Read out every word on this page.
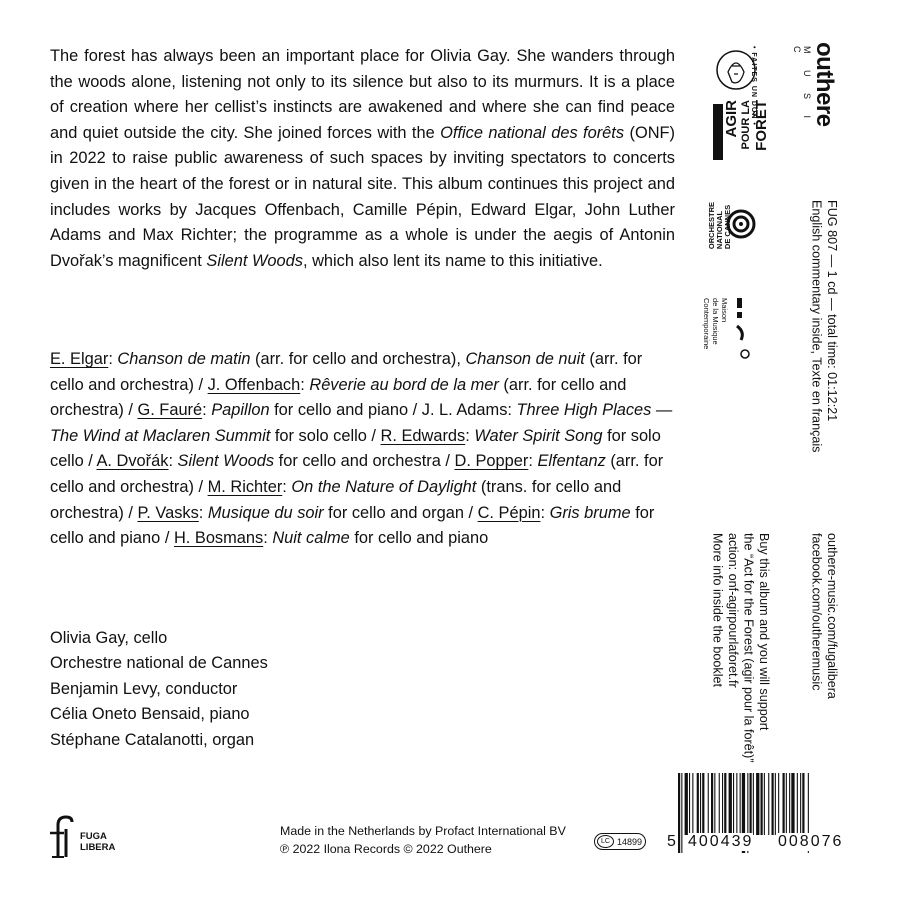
The forest has always been an important place for Olivia Gay. She wanders through the woods alone, listening not only to its silence but also to its murmurs. It is a place of creation where her cellist’s instincts are awakened and where she can find peace and quiet outside the city. She joined forces with the Office national des forêts (ONF) in 2022 to raise public awareness of such spaces by inviting spectators to concerts given in the heart of the forest or in natural site. This album continues this project and includes works by Jacques Offenbach, Camille Pépin, Edward Elgar, John Luther Adams and Max Richter; the programme as a whole is under the aegis of Antonin Dvořak’s magnificent Silent Woods, which also lent its name to this initiative.

E. Elgar: Chanson de matin (arr. for cello and orchestra), Chanson de nuit (arr. for cello and orchestra) / J. Offenbach: Rêverie au bord de la mer (arr. for cello and orchestra) / G. Fauré: Papillon for cello and piano / J. L. Adams: Three High Places — The Wind at Maclaren Summit for solo cello / R. Edwards: Water Spirit Song for solo cello / A. Dvořák: Silent Woods for cello and orchestra / D. Popper: Elfentanz (arr. for cello and orchestra) / M. Richter: On the Nature of Daylight (trans. for cello and orchestra) / P. Vasks: Musique du soir for cello and organ / C. Pépin: Gris brume for cello and piano / H. Bosmans: Nuit calme for cello and piano
Olivia Gay, cello
Orchestre national de Cannes
Benjamin Levy, conductor
Célia Oneto Bensaid, piano
Stéphane Catalanotti, organ
outhere
M U S I C
• FAITES UN DON •
AGIR POUR LA FORÊT
ORCHESTRE
NATIONAL
DE CANNES
Maison
de la Musique
Contemporaine	FUG 807 — 1 cd — total time: 01:12:21
English commentary inside, Texte en français
outhere-music.com/fugalibera
facebook.com/outheremusic
Buy this album and you will support
the “Act for the Forest (agir pour la forêt)”
action: onf-agirpourlaforet.fr
More info inside the booklet
FUGA
LIBERA
Made in the Netherlands by Profact International BV
℗ 2022 Ilona Records © 2022 Outhere
LC 14899 5 400439 008076
